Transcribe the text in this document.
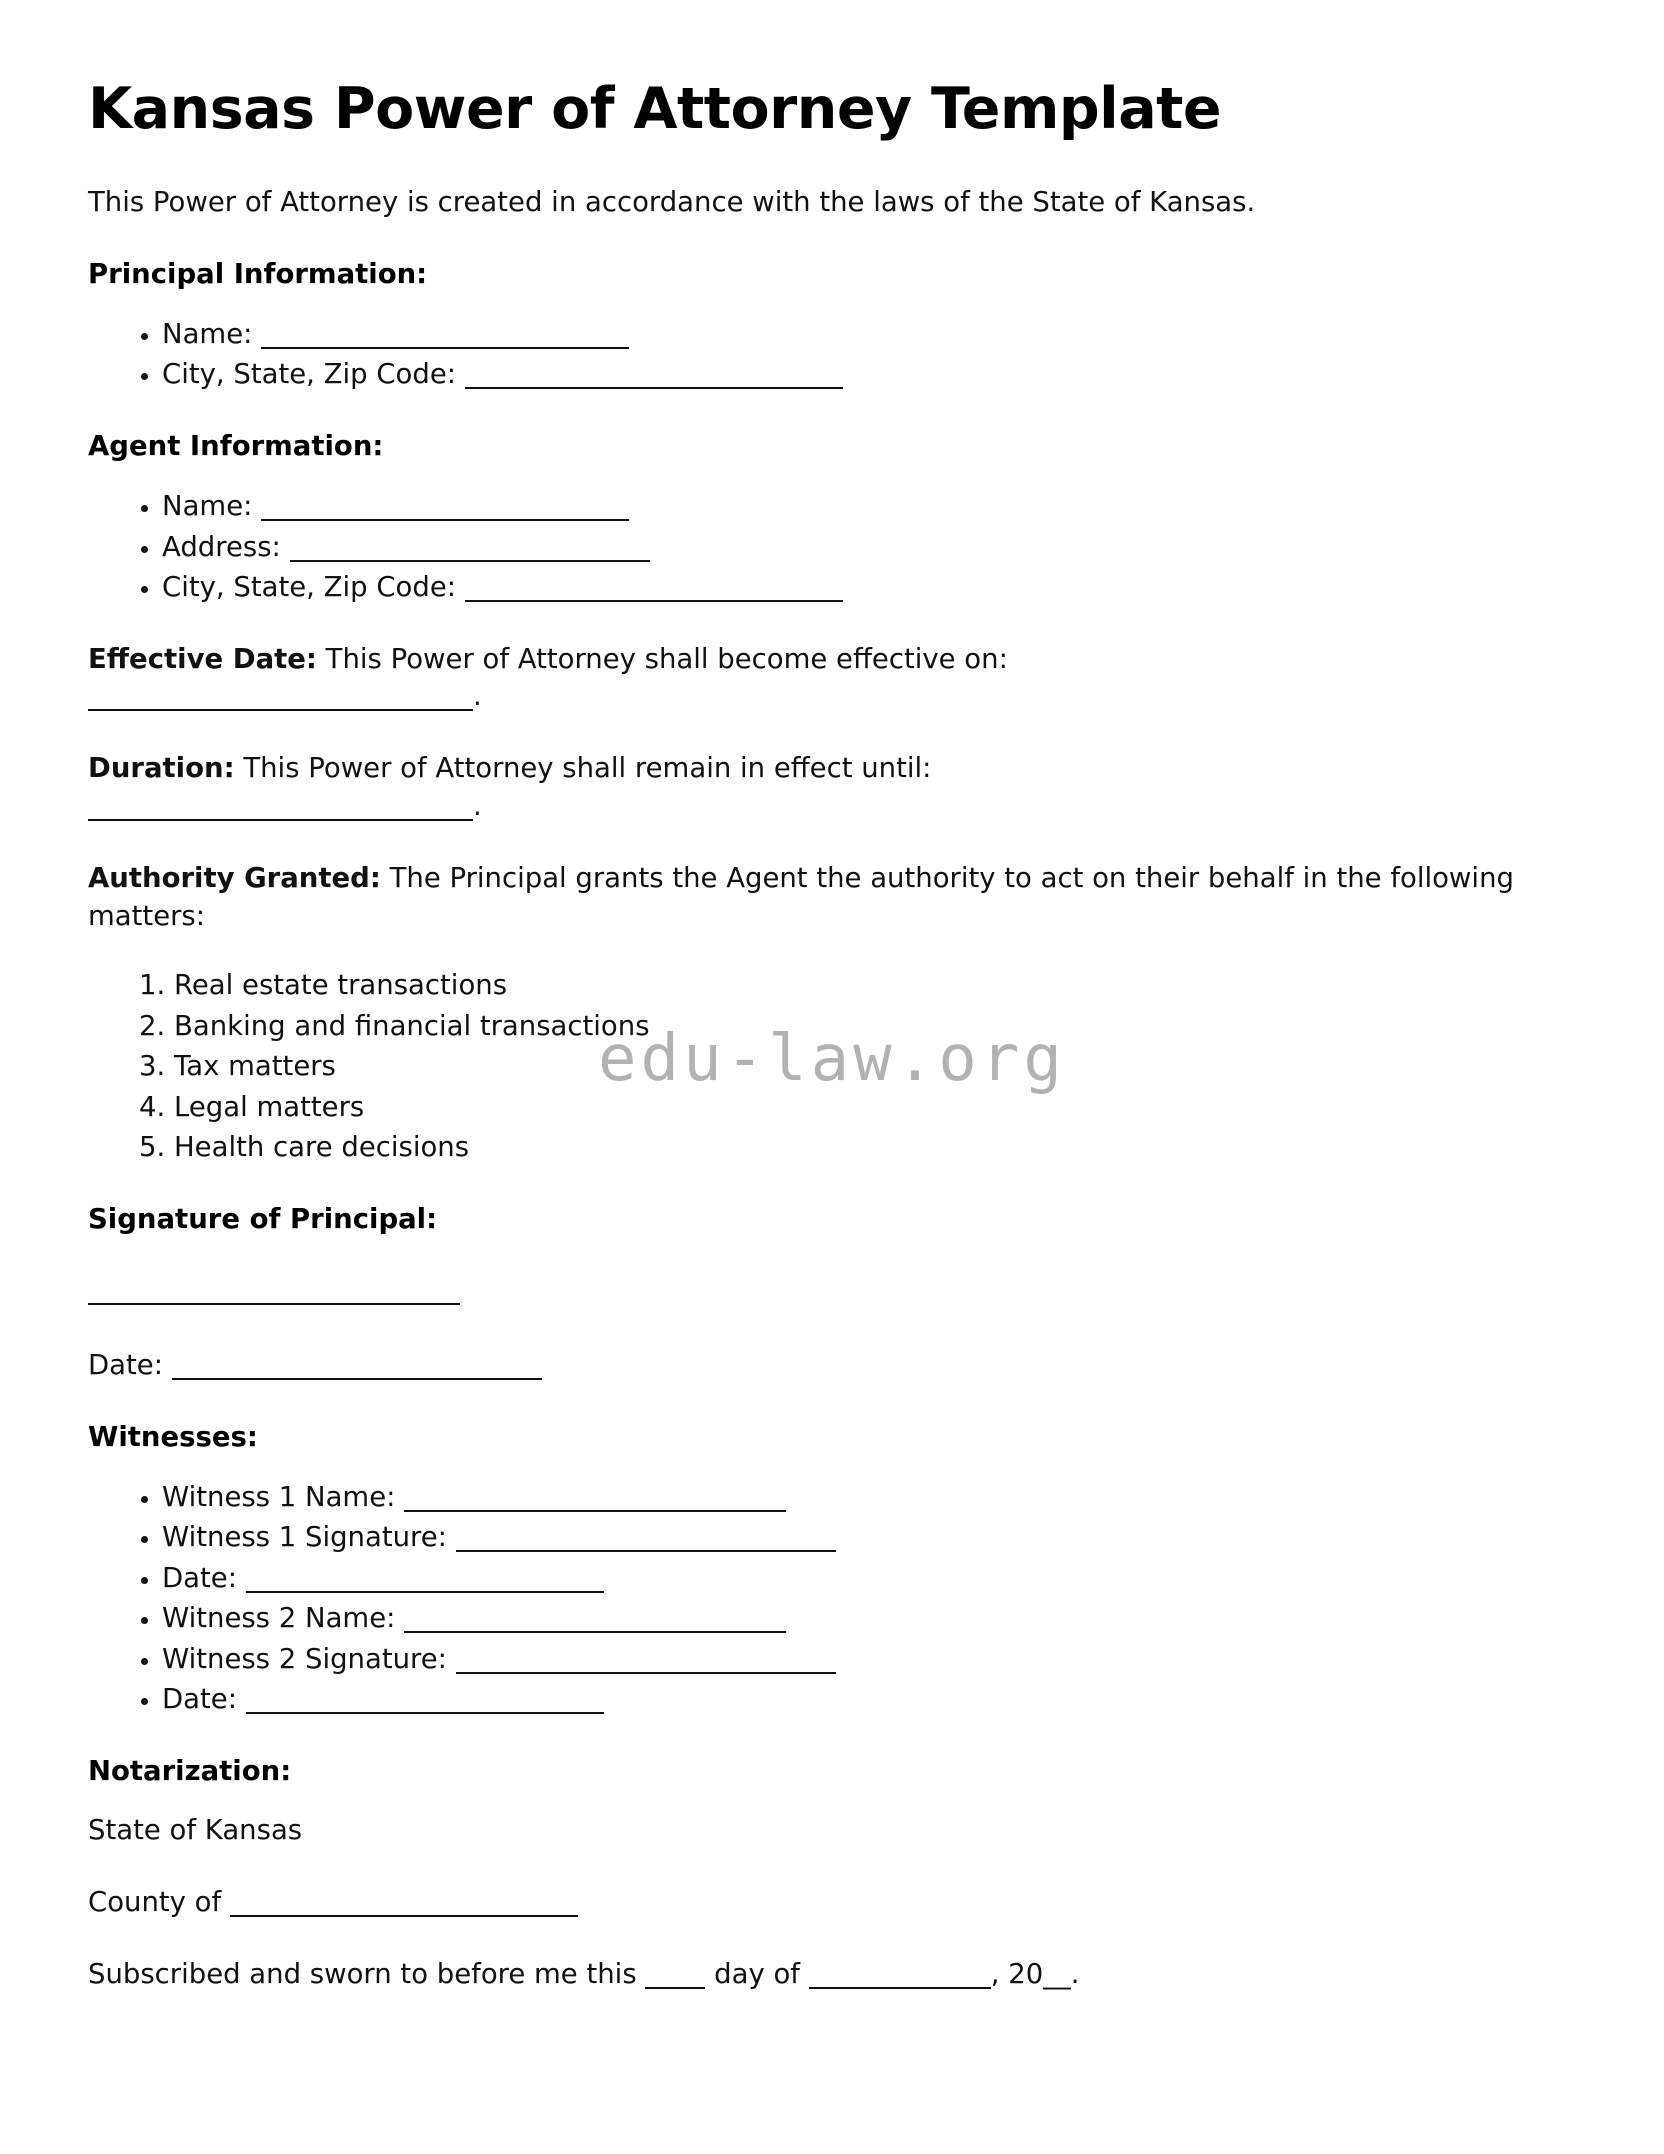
edu-law.org
Kansas Power of Attorney Template

This Power of Attorney is created in accordance with the laws of the State of Kansas.

Principal Information:
• Name:
• City, State, Zip Code:
Agent Information:
• Name:
• Address:
• City, State, Zip Code:

Effective Date: This Power of Attorney shall become effective on:
.

Duration: This Power of Attorney shall remain in effect until:
.

Authority Granted: The Principal grants the Agent the authority to act on their behalf in the following matters:

1. Real estate transactions
2. Banking and financial transactions
3. Tax matters
4. Legal matters
5. Health care decisions
Signature of Principal:

Date:

Witnesses:
• Witness 1 Name:
• Witness 1 Signature:
• Date:
• Witness 2 Name:
• Witness 2 Signature:
• Date:
Notarization:

State of Kansas

County of

Subscribed and sworn to before me this	day of	, 20__.
